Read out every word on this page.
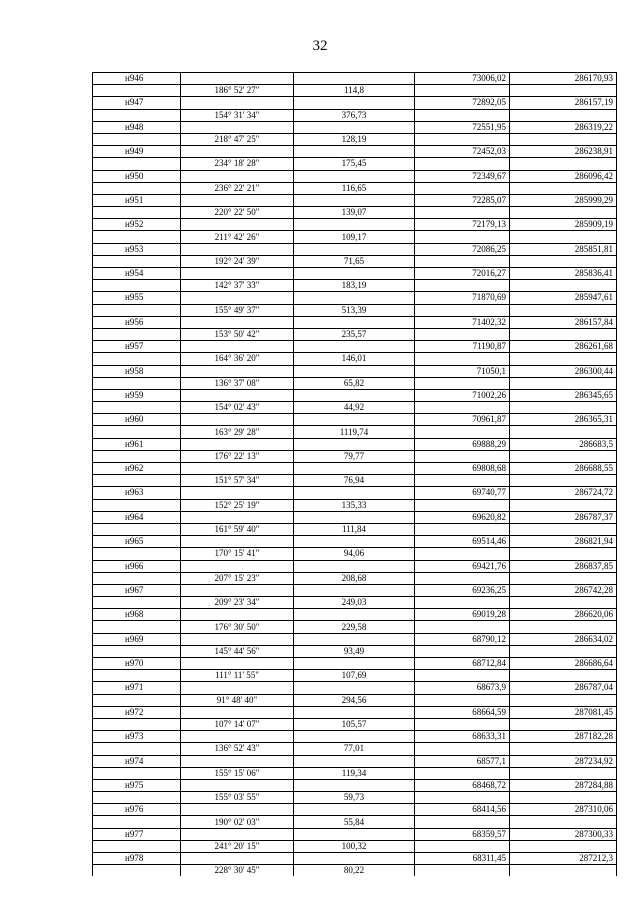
32
н946			73006,02	286170,93
	186° 52' 27"	114,8		
н947			72892,05	286157,19
	154° 31' 34"	376,73		
н948			72551,95	286319,22
	218° 47' 25"	128,19		
н949			72452,03	286238,91
	234° 18' 28"	175,45		
н950			72349,67	286096,42
	236° 22' 21"	116,65		
н951			72285,07	285999,29
	220° 22' 50"	139,07		
н952			72179,13	285909,19
	211° 42' 26"	109,17		
н953			72086,25	285851,81
	192° 24' 39"	71,65		
н954			72016,27	285836,41
	142° 37' 33"	183,19		
н955			71870,69	285947,61
	155° 49' 37"	513,39		
н956			71402,32	286157,84
	153° 50' 42"	235,57		
н957			71190,87	286261,68
	164° 36' 20"	146,01		
н958			71050,1	286300,44
	136° 37' 08"	65,82		
н959			71002,26	286345,65
	154° 02' 43"	44,92		
н960			70961,87	286365,31
	163° 29' 28"	1119,74		
н961			69888,29	286683,5
	176° 22' 13"	79,77		
н962			69808,68	286688,55
	151° 57' 34"	76,94		
н963			69740,77	286724,72
	152° 25' 19"	135,33		
н964			69620,82	286787,37
	161° 59' 40"	111,84		
н965			69514,46	286821,94
	170° 15' 41"	94,06		
н966			69421,76	286837,85
	207° 15' 23"	208,68		
н967			69236,25	286742,28
	209° 23' 34"	249,03		
н968			69019,28	286620,06
	176° 30' 50"	229,58		
н969			68790,12	286634,02
	145° 44' 56"	93,49		
н970			68712,84	286686,64
	111° 11' 55"	107,69		
н971			68673,9	286787,04
	91° 48' 40"	294,56		
н972			68664,59	287081,45
	107° 14' 07"	105,57		
н973			68633,31	287182,28
	136° 52' 43"	77,01		
н974			68577,1	287234,92
	155° 15' 06"	119,34		
н975			68468,72	287284,88
	155° 03' 55"	59,73		
н976			68414,56	287310,06
	190° 02' 03"	55,84		
н977			68359,57	287300,33
	241° 20' 15"	100,32		
н978			68311,45	287212,3
	228° 30' 45"	80,22		
